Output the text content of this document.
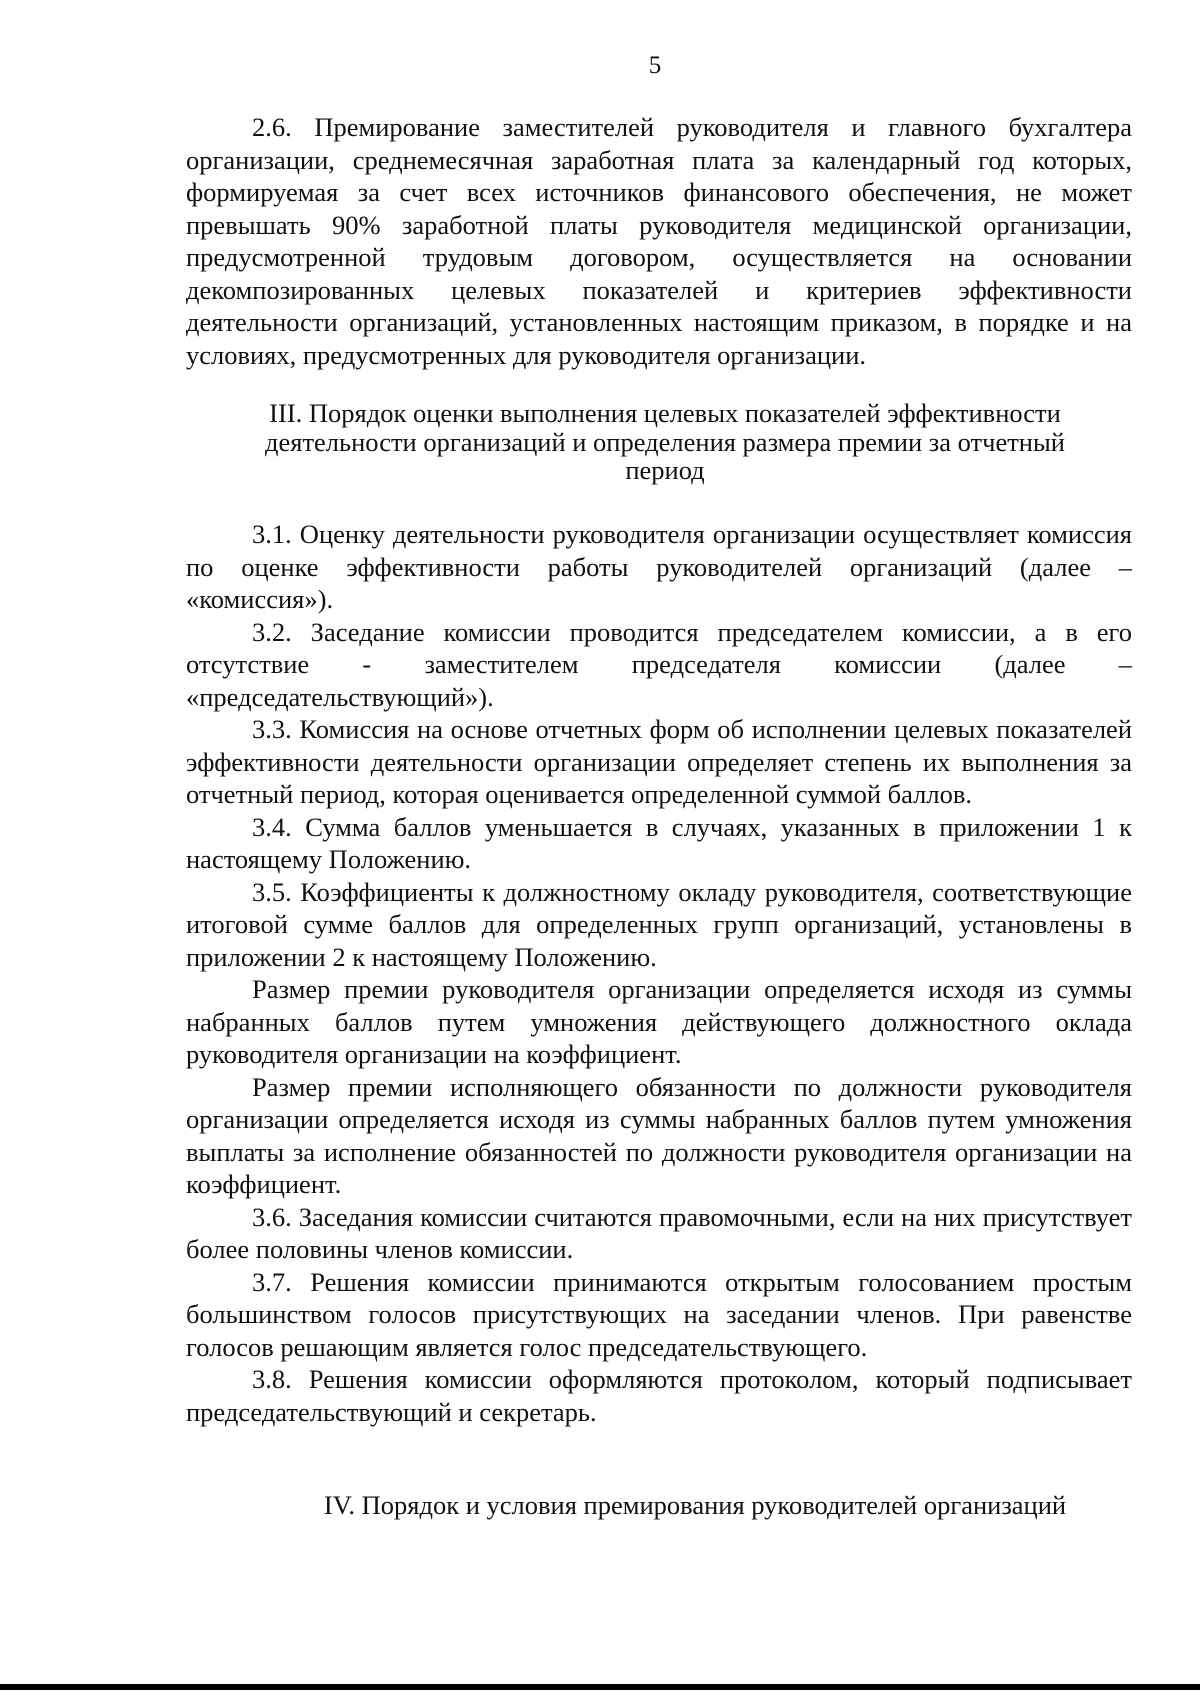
5

2.6. Премирование заместителей руководителя и главного бухгалтера организации, среднемесячная заработная плата за календарный год которых, формируемая за счет всех источников финансового обеспечения, не может превышать 90% заработной платы руководителя медицинской организации, предусмотренной трудовым договором, осуществляется на основании декомпозированных целевых показателей и критериев эффективности деятельности организаций, установленных настоящим приказом, в порядке и на условиях, предусмотренных для руководителя организации.

III. Порядок оценки выполнения целевых показателей эффективности
деятельности организаций и определения размера премии за отчетный
период

3.1. Оценку деятельности руководителя организации осуществляет комиссия по оценке эффективности работы руководителей организаций (далее – «комиссия»).

3.2. Заседание комиссии проводится председателем комиссии, а в его отсутствие - заместителем председателя комиссии (далее – «председательствующий»).

3.3. Комиссия на основе отчетных форм об исполнении целевых показателей эффективности деятельности организации определяет степень их выполнения за отчетный период, которая оценивается определенной суммой баллов.

3.4. Сумма баллов уменьшается в случаях, указанных в приложении 1 к настоящему Положению.

3.5. Коэффициенты к должностному окладу руководителя, соответствующие итоговой сумме баллов для определенных групп организаций, установлены в приложении 2 к настоящему Положению.

Размер премии руководителя организации определяется исходя из суммы набранных баллов путем умножения действующего должностного оклада руководителя организации на коэффициент.

Размер премии исполняющего обязанности по должности руководителя организации определяется исходя из суммы набранных баллов путем умножения выплаты за исполнение обязанностей по должности руководителя организации на коэффициент.

3.6. Заседания комиссии считаются правомочными, если на них присутствует более половины членов комиссии.

3.7. Решения комиссии принимаются открытым голосованием простым большинством голосов присутствующих на заседании членов. При равенстве голосов решающим является голос председательствующего.

3.8. Решения комиссии оформляются протоколом, который подписывает председательствующий и секретарь.

IV. Порядок и условия премирования руководителей организаций
